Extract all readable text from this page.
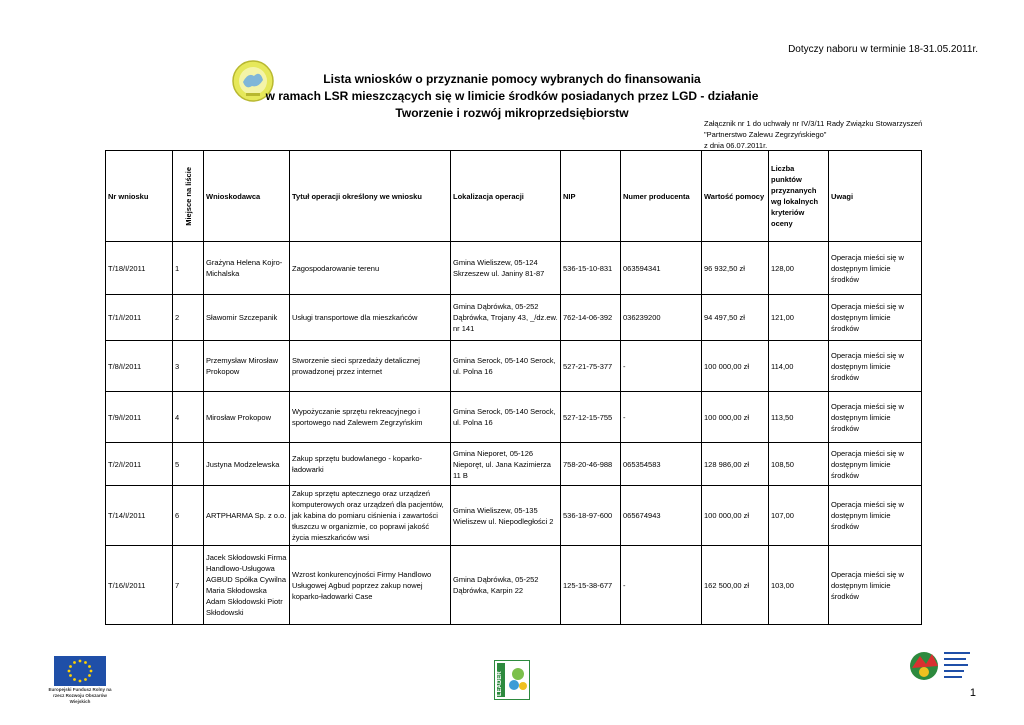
Dotyczy naboru w terminie 18-31.05.2011r.
Lista wniosków o przyznanie pomocy wybranych do finansowania
w ramach LSR mieszczących się w limicie środków posiadanych przez LGD - działanie
Tworzenie i rozwój mikroprzedsiębiorstw
Załącznik nr 1 do uchwały nr IV/3/11 Rady Związku Stowarzyszeń
"Partnerstwo Zalewu Zegrzyńskiego"
z dnia 06.07.2011r.
Nr wniosku	Miejsce na liście	Wnioskodawca	Tytuł operacji określony we wniosku	Lokalizacja operacji	NIP	Numer producenta	Wartość pomocy	Liczba punktów przyznanych wg lokalnych kryteriów oceny	Uwagi
T/18/I/2011	1	Grażyna Helena Kojro-Michalska	Zagospodarowanie terenu	Gmina Wieliszew, 05-124 Skrzeszew ul. Janiny 81-87	536-15-10-831	063594341	96 932,50 zł	128,00	Operacja mieści się w dostępnym limicie środków
T/1/I/2011	2	Sławomir Szczepanik	Usługi transportowe dla mieszkańców	Gmina Dąbrówka, 05-252 Dąbrówka, Trojany 43, _/dz.ew. nr 141	762-14-06-392	036239200	94 497,50 zł	121,00	Operacja mieści się w dostępnym limicie środków
T/8/I/2011	3	Przemysław Mirosław Prokopow	Stworzenie sieci sprzedaży detalicznej prowadzonej przez internet	Gmina Serock, 05-140 Serock, ul. Polna 16	527-21-75-377	-	100 000,00 zł	114,00	Operacja mieści się w dostępnym limicie środków
T/9/I/2011	4	Mirosław Prokopow	Wypożyczanie sprzętu rekreacyjnego i sportowego nad Zalewem Zegrzyńskim	Gmina Serock, 05-140 Serock, ul. Polna 16	527-12-15-755	-	100 000,00 zł	113,50	Operacja mieści się w dostępnym limicie środków
T/2/I/2011	5	Justyna Modzelewska	Zakup sprzętu budowlanego - koparko-ładowarki	Gmina Nieporet, 05-126 Nieporęt, ul. Jana Kazimierza 11 B	758-20-46-988	065354583	128 986,00 zł	108,50	Operacja mieści się w dostępnym limicie środków
T/14/I/2011	6	ARTPHARMA Sp. z o.o.	Zakup sprzętu aptecznego oraz urządzeń komputerowych oraz urządzeń dla pacjentów, jak kabina do pomiaru ciśnienia i zawartości tłuszczu w organizmie, co poprawi jakość życia mieszkańców wsi	Gmina Wieliszew, 05-135 Wieliszew ul. Niepodległości 2	536-18-97-600	065674943	100 000,00 zł	107,00	Operacja mieści się w dostępnym limicie środków
T/16/I/2011	7	Jacek Skłodowski Firma Handlowo-Usługowa AGBUD Spółka Cywilna Maria Skłodowska Adam Skłodowski Piotr Skłodowski	Wzrost konkurencyjności Firmy Handlowo Usługowej Agbud poprzez zakup nowej koparko-ładowarki Case	Gmina Dąbrówka, 05-252 Dąbrówka, Karpin 22	125-15-38-677	-	162 500,00 zł	103,00	Operacja mieści się w dostępnym limicie środków
Europejski Fundusz Rolny na rzecz Rozwoju Obszarów Wiejskich
LEADER	1
